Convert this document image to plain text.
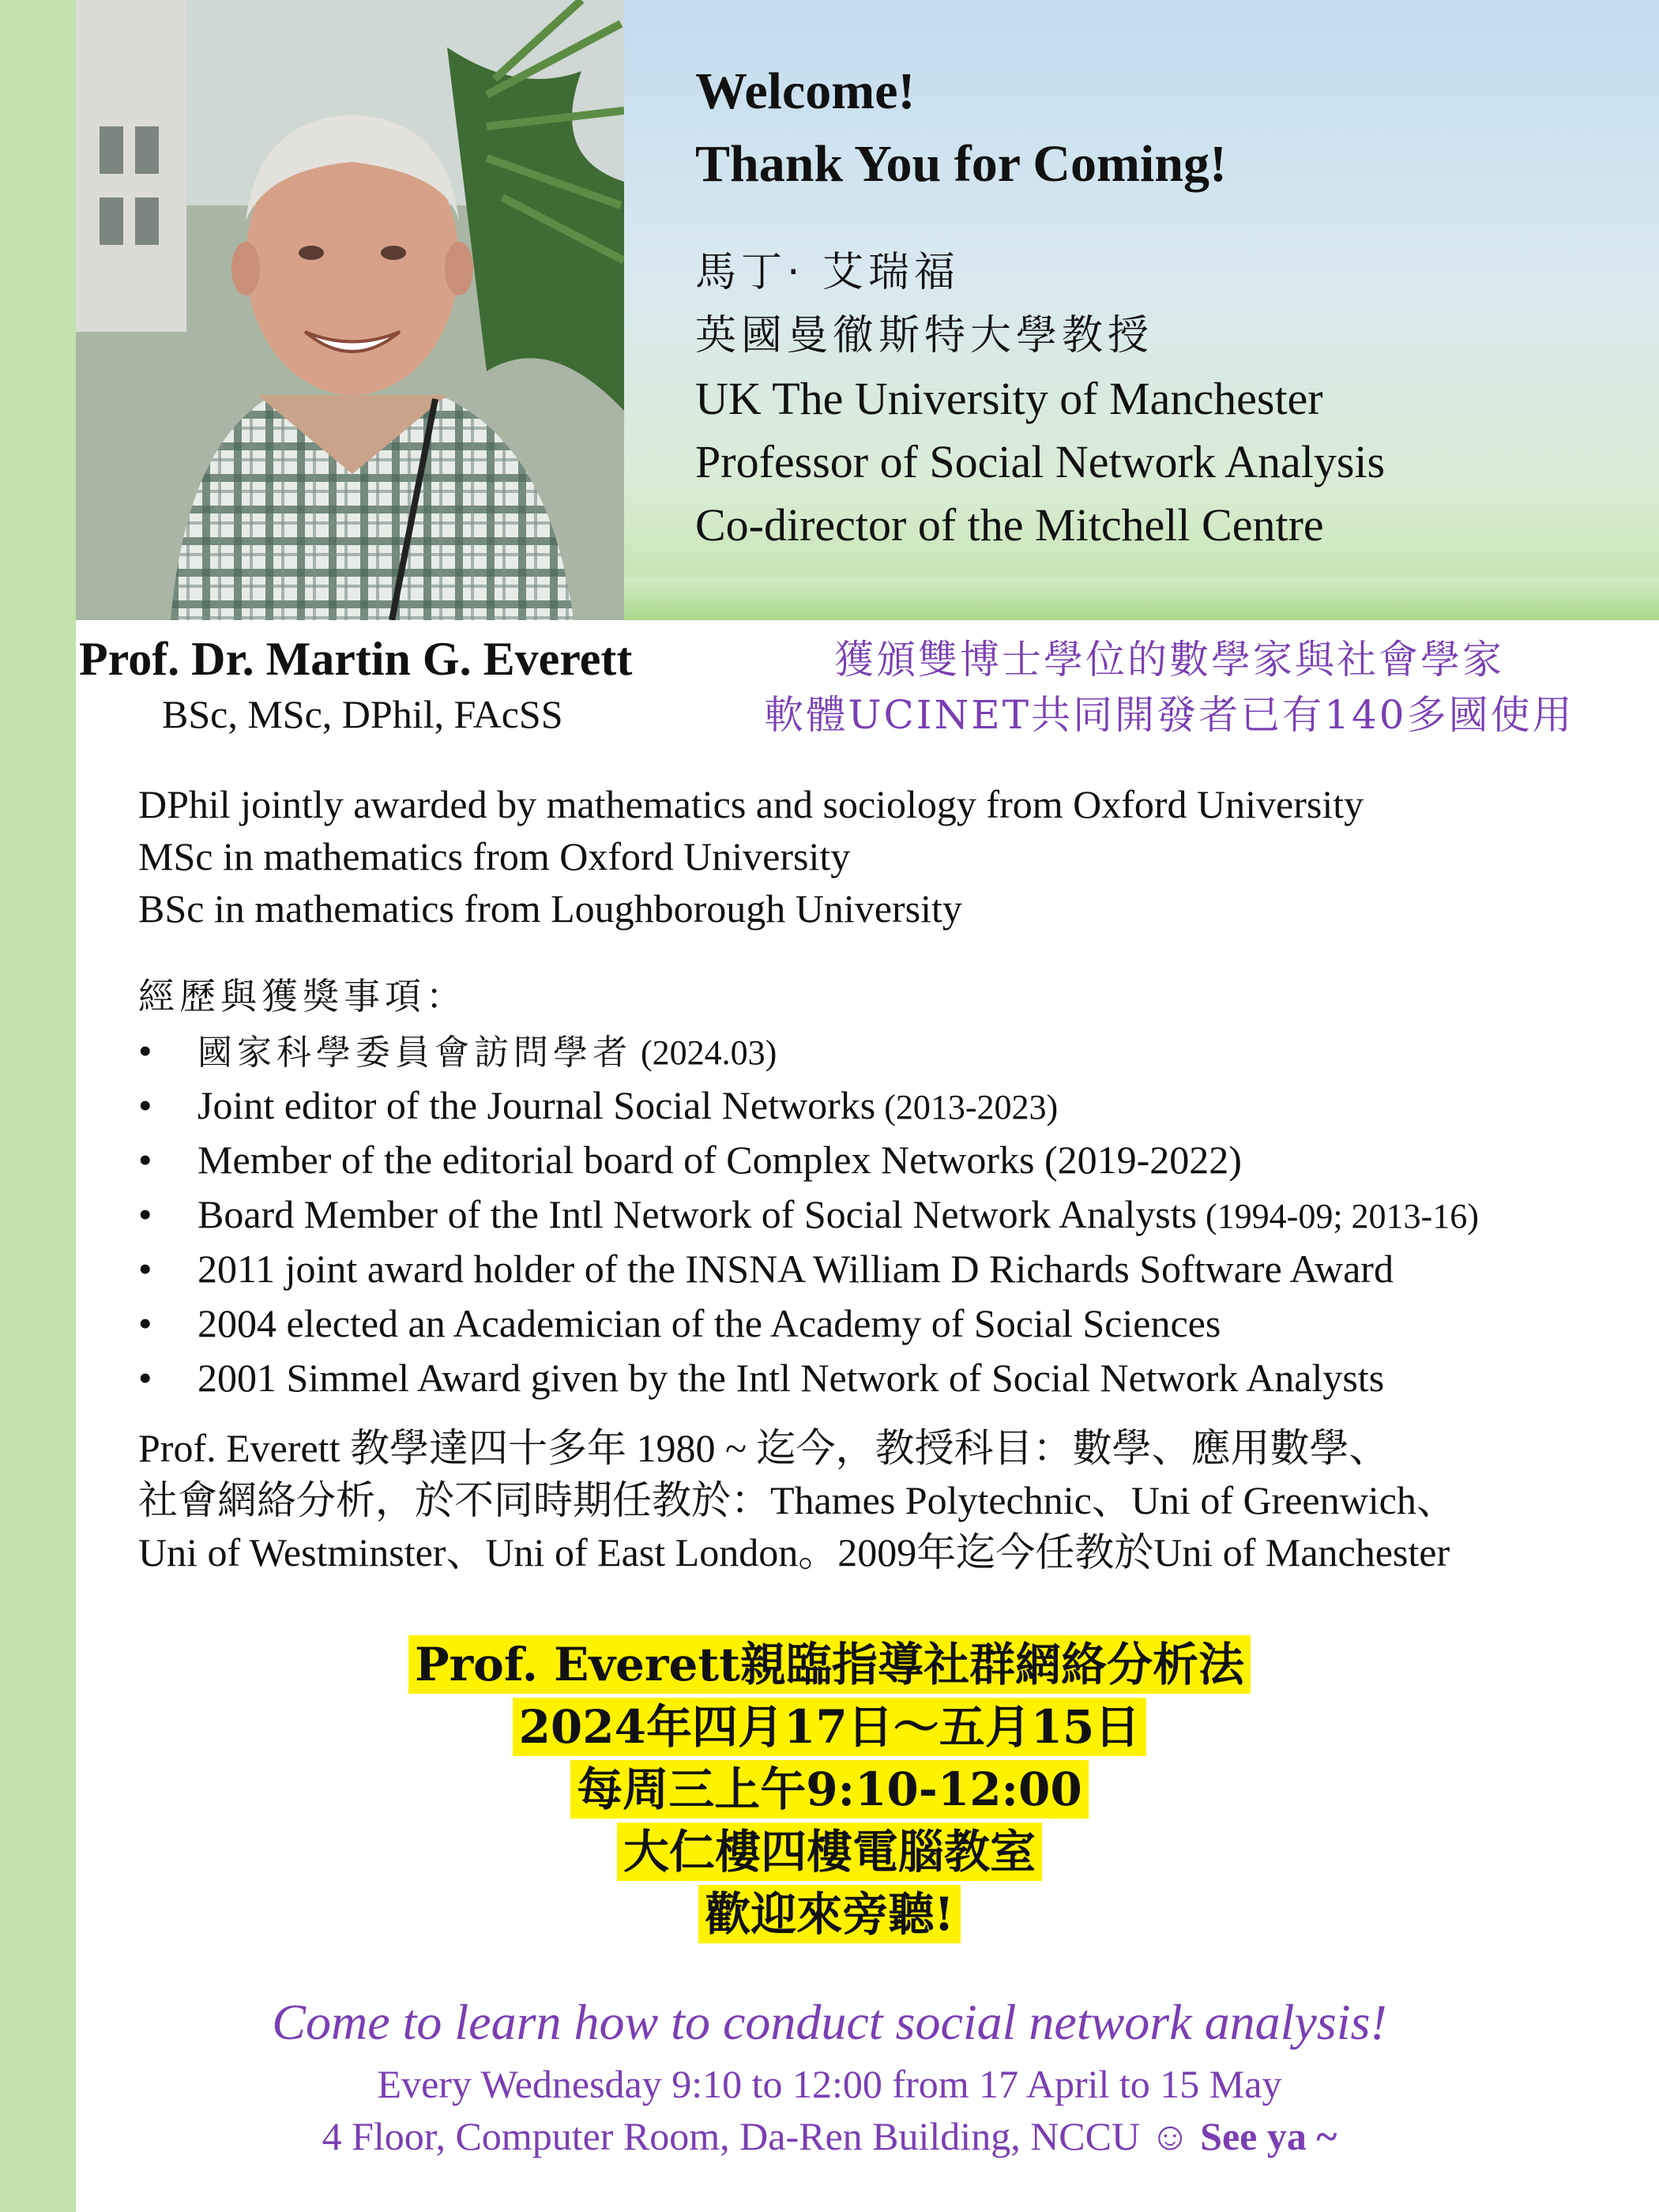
Welcome!
Thank You for Coming!
馬丁· 艾瑞福
英國曼徹斯特大學教授
UK The University of Manchester
Professor of Social Network Analysis
Co-director of the Mitchell Centre
Prof. Dr. Martin G. Everett
BSc, MSc, DPhil, FAcSS
獲頒雙博士學位的數學家與社會學家
軟體UCINET共同開發者已有140多國使用
DPhil jointly awarded by mathematics and sociology from Oxford University
MSc in mathematics from Oxford University
BSc in mathematics from Loughborough University
經歷與獲獎事項：
• 國家科學委員會訪問學者 (2024.03)
• Joint editor of the Journal Social Networks (2013-2023)
• Member of the editorial board of Complex Networks (2019-2022)
• Board Member of the Intl Network of Social Network Analysts (1994-09; 2013-16)
• 2011 joint award holder of the INSNA William D Richards Software Award
• 2004 elected an Academician of the Academy of Social Sciences
• 2001 Simmel Award given by the Intl Network of Social Network Analysts
Prof. Everett 教學達四十多年 1980 ~ 迄今，教授科目：數學、應用數學、
社會網絡分析，於不同時期任教於：Thames Polytechnic、Uni of Greenwich、
Uni of Westminster、Uni of East London。2009年迄今任教於Uni of Manchester
Prof. Everett親臨指導社群網絡分析法
2024年四月17日～五月15日
每周三上午9:10-12:00
大仁樓四樓電腦教室
歡迎來旁聽!
Come to learn how to conduct social network analysis!
Every Wednesday 9:10 to 12:00 from 17 April to 15 May
4 Floor, Computer Room, Da-Ren Building, NCCU ☺ See ya ~
